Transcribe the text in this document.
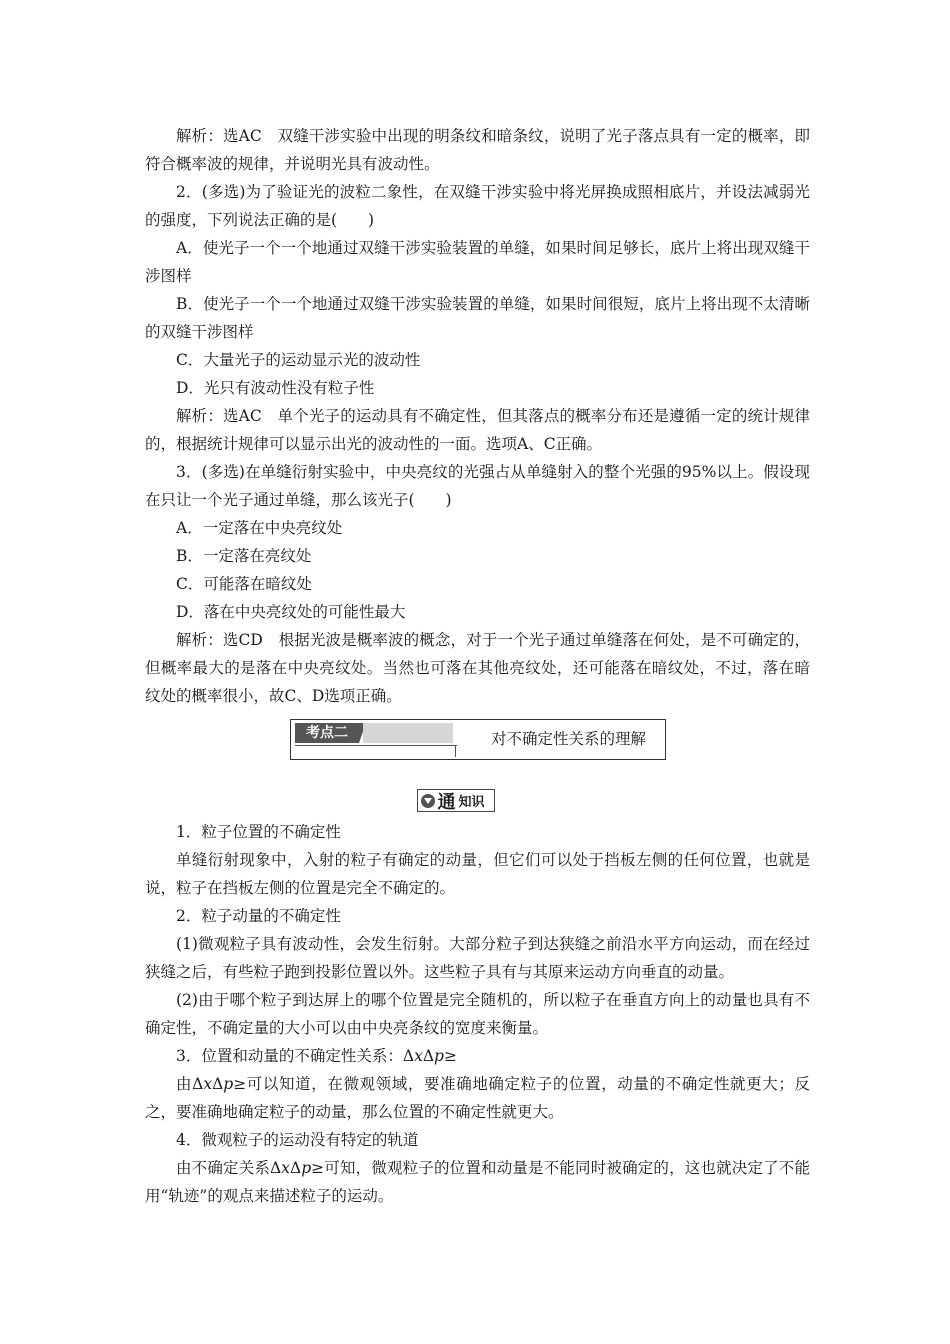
解析：选AC　双缝干涉实验中出现的明条纹和暗条纹，说明了光子落点具有一定的概率，即符合概率波的规律，并说明光具有波动性。

2．(多选)为了验证光的波粒二象性，在双缝干涉实验中将光屏换成照相底片，并设法减弱光的强度，下列说法正确的是(　　)

A．使光子一个一个地通过双缝干涉实验装置的单缝，如果时间足够长，底片上将出现双缝干涉图样

B．使光子一个一个地通过双缝干涉实验装置的单缝，如果时间很短，底片上将出现不太清晰的双缝干涉图样

C．大量光子的运动显示光的波动性

D．光只有波动性没有粒子性

解析：选AC　单个光子的运动具有不确定性，但其落点的概率分布还是遵循一定的统计规律的，根据统计规律可以显示出光的波动性的一面。选项A、C正确。

3．(多选)在单缝衍射实验中，中央亮纹的光强占从单缝射入的整个光强的95%以上。假设现在只让一个光子通过单缝，那么该光子(　　)

A．一定落在中央亮纹处

B．一定落在亮纹处

C．可能落在暗纹处

D．落在中央亮纹处的可能性最大

解析：选CD　根据光波是概率波的概念，对于一个光子通过单缝落在何处，是不可确定的，但概率最大的是落在中央亮纹处。当然也可落在其他亮纹处，还可能落在暗纹处，不过，落在暗纹处的概率很小，故C、D选项正确。

考点二	对不确定性关系的理解
通 知识

1．粒子位置的不确定性

单缝衍射现象中，入射的粒子有确定的动量，但它们可以处于挡板左侧的任何位置，也就是说，粒子在挡板左侧的位置是完全不确定的。

2．粒子动量的不确定性

(1)微观粒子具有波动性，会发生衍射。大部分粒子到达狭缝之前沿水平方向运动，而在经过狭缝之后，有些粒子跑到投影位置以外。这些粒子具有与其原来运动方向垂直的动量。

(2)由于哪个粒子到达屏上的哪个位置是完全随机的，所以粒子在垂直方向上的动量也具有不确定性，不确定量的大小可以由中央亮条纹的宽度来衡量。

3．位置和动量的不确定性关系：ΔxΔp≥

由ΔxΔp≥可以知道，在微观领域，要准确地确定粒子的位置，动量的不确定性就更大；反之，要准确地确定粒子的动量，那么位置的不确定性就更大。

4．微观粒子的运动没有特定的轨道

由不确定关系ΔxΔp≥可知，微观粒子的位置和动量是不能同时被确定的，这也就决定了不能用“轨迹”的观点来描述粒子的运动。
